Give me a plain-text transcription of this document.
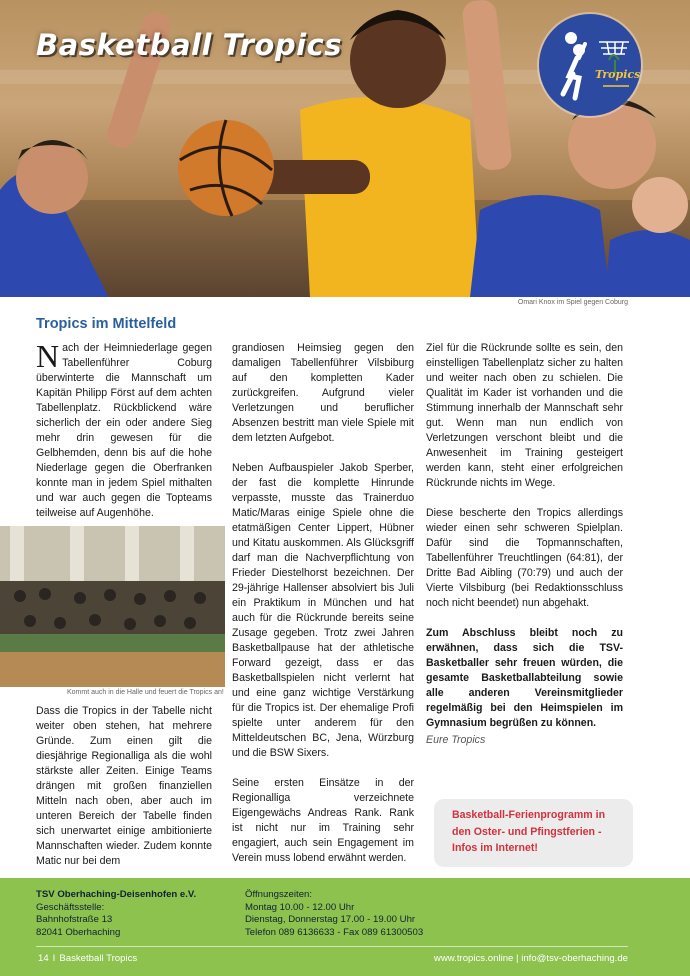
Basketball Tropics
Tropics
Omari Knox im Spiel gegen Coburg
Tropics im Mittelfeld

Nach der Heimniederlage gegen Tabellenführer Coburg überwinterte die Mannschaft um Kapitän Philipp Först auf dem achten Tabellenplatz. Rückblickend wäre sicherlich der ein oder andere Sieg mehr drin gewesen für die Gelbhemden, denn bis auf die hohe Niederlage gegen die Oberfranken konnte man in jedem Spiel mithalten und war auch gegen die Topteams teilweise auf Augenhöhe.

Kommt auch in die Halle und feuert die Tropics an!

Dass die Tropics in der Tabelle nicht weiter oben stehen, hat mehrere Gründe. Zum einen gilt die diesjährige Regionalliga als die wohl stärkste aller Zeiten. Einige Teams drängen mit großen finanziellen Mitteln nach oben, aber auch im unteren Bereich der Tabelle finden sich unerwartet einige ambitionierte Mannschaften wieder. Zudem konnte Matic nur bei dem

grandiosen Heimsieg gegen den damaligen Tabellenführer Vilsbiburg auf den kompletten Kader zurückgreifen. Aufgrund vieler Verletzungen und beruflicher Absenzen bestritt man viele Spiele mit dem letzten Aufgebot.

Neben Aufbauspieler Jakob Sperber, der fast die komplette Hinrunde verpasste, musste das Trainerduo Matic/Maras einige Spiele ohne die etatmäßigen Center Lippert, Hübner und Kitatu auskommen. Als Glücksgriff darf man die Nachverpflichtung von Frieder Diestelhorst bezeichnen. Der 29-jährige Hallenser absolviert bis Juli ein Praktikum in München und hat auch für die Rückrunde bereits seine Zusage gegeben. Trotz zwei Jahren Basketballpause hat der athletische Forward gezeigt, dass er das Basketballspielen nicht verlernt hat und eine ganz wichtige Verstärkung für die Tropics ist. Der ehemalige Profi spielte unter anderem für den Mitteldeutschen BC, Jena, Würzburg und die BSW Sixers.

Seine ersten Einsätze in der Regionalliga verzeichnete Eigengewächs Andreas Rank. Rank ist nicht nur im Training sehr engagiert, auch sein Engagement im Verein muss lobend erwähnt werden.

Ziel für die Rückrunde sollte es sein, den einstelligen Tabellenplatz sicher zu halten und weiter nach oben zu schielen. Die Qualität im Kader ist vorhanden und die Stimmung innerhalb der Mannschaft sehr gut. Wenn man nun endlich von Verletzungen verschont bleibt und die Anwesenheit im Training gesteigert werden kann, steht einer erfolgreichen Rückrunde nichts im Wege.

Diese bescherte den Tropics allerdings wieder einen sehr schweren Spielplan. Dafür sind die Topmannschaften, Tabellenführer Treuchtlingen (64:81), der Dritte Bad Aibling (70:79) und auch der Vierte Vilsbiburg (bei Redaktionsschluss noch nicht beendet) nun abgehakt.

Zum Abschluss bleibt noch zu erwähnen, dass sich die TSV-Basketballer sehr freuen würden, die gesamte Basketballabteilung sowie alle anderen Vereinsmitglieder regelmäßig bei den Heimspielen im Gymnasium begrüßen zu können.

Eure Tropics

Basketball-Ferienprogramm in
den Oster- und Pfingstferien -
Infos im Internet!
TSV Oberhaching-Deisenhofen e.V.
Geschäftsstelle:
Bahnhofstraße 13
82041 Oberhaching
Öffnungszeiten:
Montag 10.00 - 12.00 Uhr
Dienstag, Donnerstag 17.00 - 19.00 Uhr
Telefon 089 6136633 - Fax 089 61300503
14 I Basketball Tropics	www.tropics.online | info@tsv-oberhaching.de
